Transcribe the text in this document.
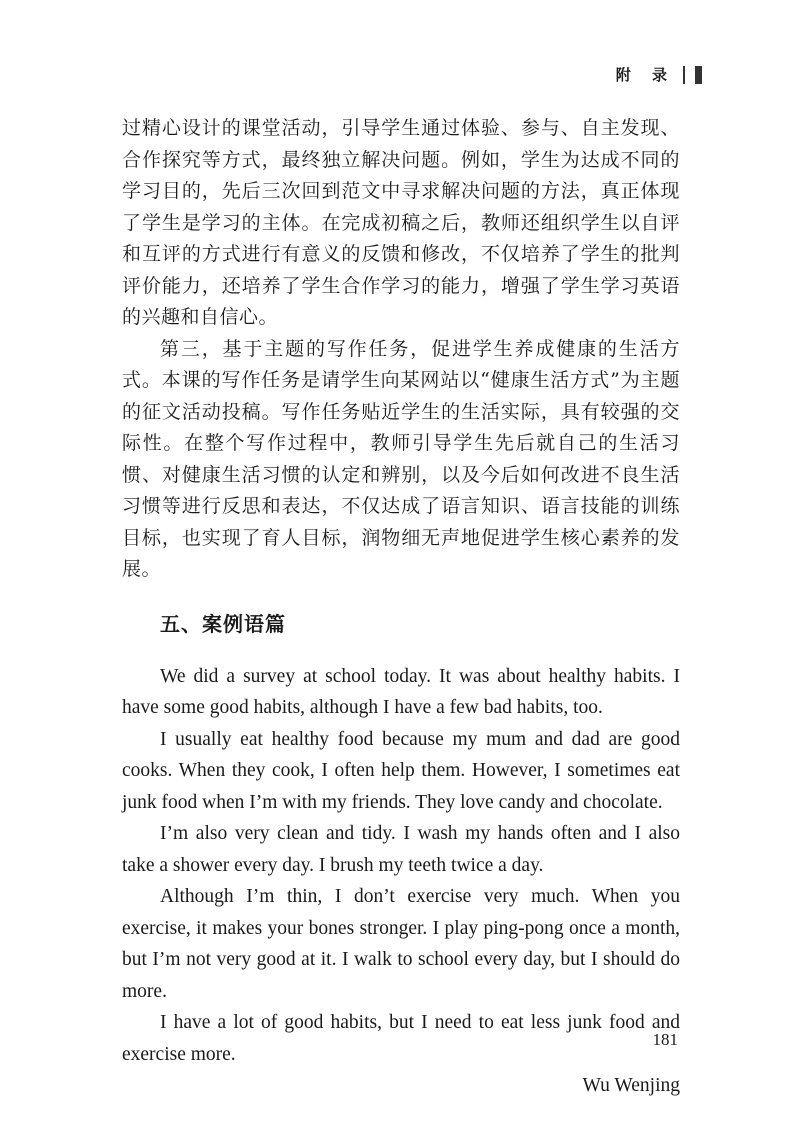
附 录

过精心设计的课堂活动，引导学生通过体验、参与、自主发现、合作探究等方式，最终独立解决问题。例如，学生为达成不同的学习目的，先后三次回到范文中寻求解决问题的方法，真正体现了学生是学习的主体。在完成初稿之后，教师还组织学生以自评和互评的方式进行有意义的反馈和修改，不仅培养了学生的批判评价能力，还培养了学生合作学习的能力，增强了学生学习英语的兴趣和自信心。

第三，基于主题的写作任务，促进学生养成健康的生活方式。本课的写作任务是请学生向某网站以“健康生活方式”为主题的征文活动投稿。写作任务贴近学生的生活实际，具有较强的交际性。在整个写作过程中，教师引导学生先后就自己的生活习惯、对健康生活习惯的认定和辨别，以及今后如何改进不良生活习惯等进行反思和表达，不仅达成了语言知识、语言技能的训练目标，也实现了育人目标，润物细无声地促进学生核心素养的发展。

五、案例语篇

We did a survey at school today. It was about healthy habits. I have some good habits, although I have a few bad habits, too.

I usually eat healthy food because my mum and dad are good cooks. When they cook, I often help them. However, I sometimes eat junk food when I’m with my friends. They love candy and chocolate.

I’m also very clean and tidy. I wash my hands often and I also take a shower every day. I brush my teeth twice a day.

Although I’m thin, I don’t exercise very much. When you exercise, it makes your bones stronger. I play ping-pong once a month, but I’m not very good at it. I walk to school every day, but I should do more.

I have a lot of good habits, but I need to eat less junk food and exercise more.

Wu Wenjing

181
